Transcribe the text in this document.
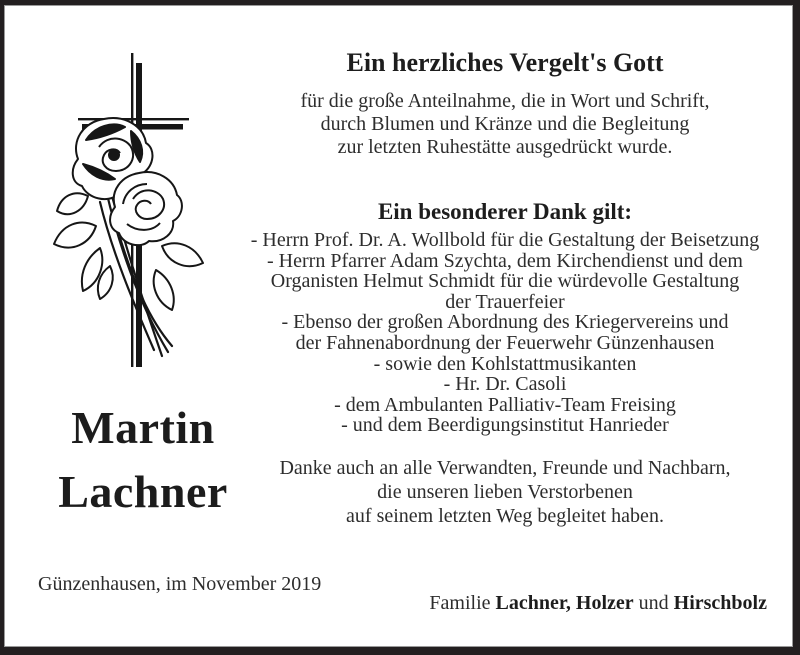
Martin
Lachner
Ein herzliches Vergelt's Gott
für die große Anteilnahme, die in Wort und Schrift,
durch Blumen und Kränze und die Begleitung
zur letzten Ruhestätte ausgedrückt wurde.
Ein besonderer Dank gilt:
- Herrn Prof. Dr. A. Wollbold für die Gestaltung der Beisetzung
- Herrn Pfarrer Adam Szychta, dem Kirchendienst und dem
Organisten Helmut Schmidt für die würdevolle Gestaltung
der Trauerfeier
- Ebenso der großen Abordnung des Kriegervereins und
der Fahnenabordnung der Feuerwehr Günzenhausen
- sowie den Kohlstattmusikanten
- Hr. Dr. Casoli
- dem Ambulanten Palliativ-Team Freising
- und dem Beerdigungsinstitut Hanrieder
Danke auch an alle Verwandten, Freunde und Nachbarn,
die unseren lieben Verstorbenen
auf seinem letzten Weg begleitet haben.
Günzenhausen, im November 2019
Familie Lachner, Holzer und Hirschbolz
